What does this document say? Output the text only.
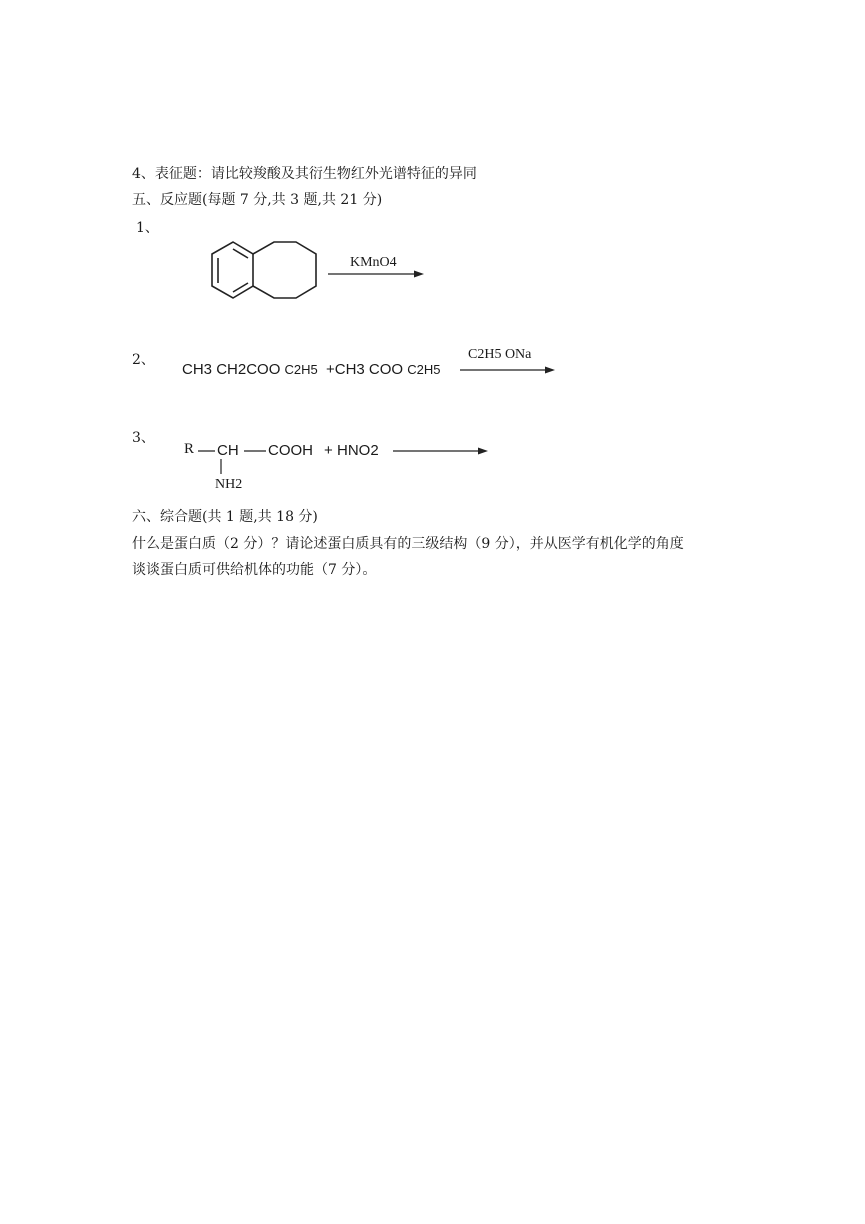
4、表征题：请比较羧酸及其衍生物红外光谱特征的异同
五、反应题(每题 7 分,共 3 题,共 21 分)
1、
KMnO4
2、
CH3 CH2COO C2H5 +CH3 COO C2H5
C2H5 ONa
3、
R CH COOH + HNO2
NH2
六、综合题(共 1 题,共 18 分)
什么是蛋白质（2 分）？请论述蛋白质具有的三级结构（9 分），并从医学有机化学的角度
谈谈蛋白质可供给机体的功能（7 分）。
